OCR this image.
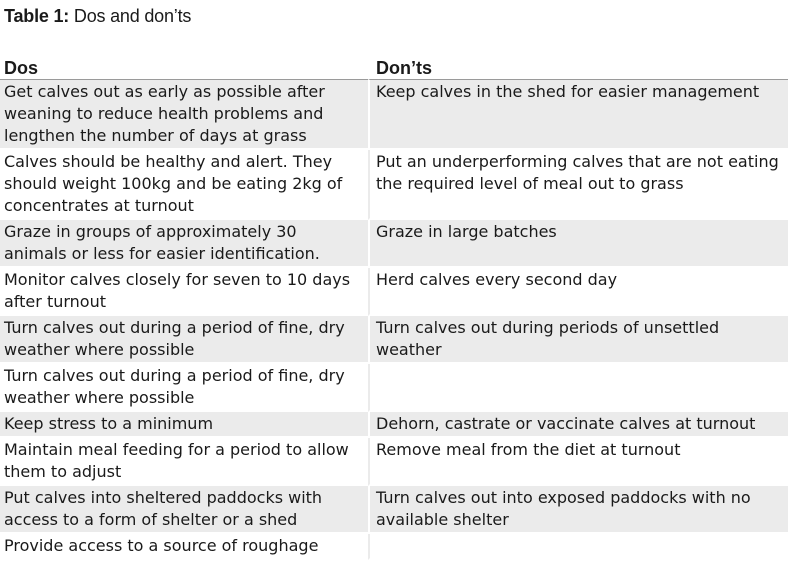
Table 1: Dos and don’ts
Dos	Don’ts
Get calves out as early as possible after weaning to reduce health problems and lengthen the number of days at grass	Keep calves in the shed for easier management
Calves should be healthy and alert. They should weight 100kg and be eating 2kg of concentrates at turnout	Put an underperforming calves that are not eating the required level of meal out to grass
Graze in groups of approximately 30 animals or less for easier identification.	Graze in large batches
Monitor calves closely for seven to 10 days after turnout	Herd calves every second day
Turn calves out during a period of fine, dry weather where possible	Turn calves out during periods of unsettled weather
Turn calves out during a period of fine, dry weather where possible	
Keep stress to a minimum	Dehorn, castrate or vaccinate calves at turnout
Maintain meal feeding for a period to allow them to adjust	Remove meal from the diet at turnout
Put calves into sheltered paddocks with access to a form of shelter or a shed	Turn calves out into exposed paddocks with no available shelter
Provide access to a source of roughage	
